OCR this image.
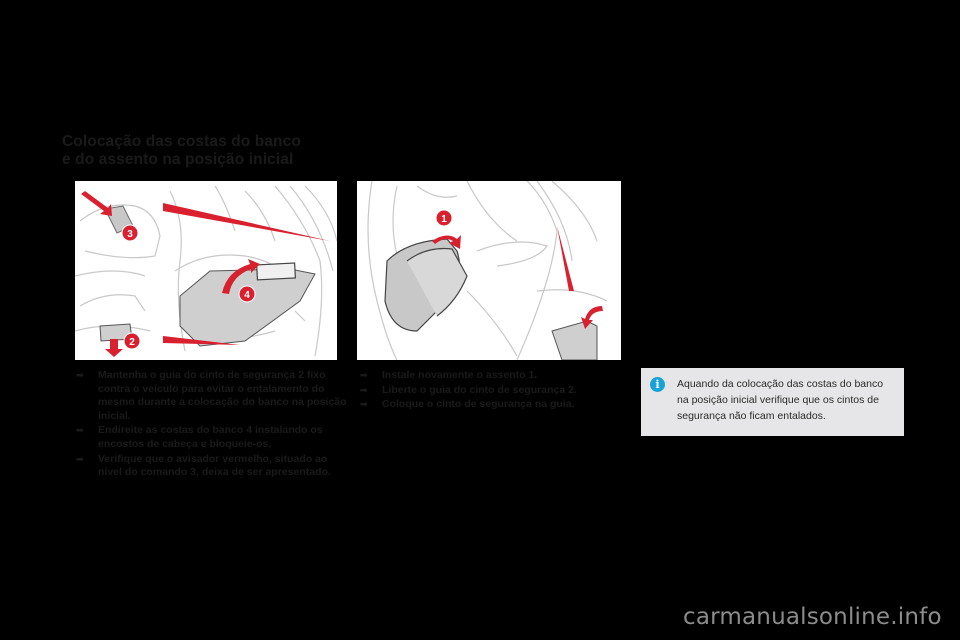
Colocação das costas do banco
e do assento na posição inicial
3
4
2
1
➡ Mantenha o guia do cinto de segurança 2 fixo contra o veículo para evitar o entalamento do mesmo durante a colocação do banco na posição inicial.
➡ Endireite as costas do banco 4 instalando os encostos de cabeça e bloqueie-os,
➡ Verifique que o avisador vermelho, situado ao nível do comando 3, deixa de ser apresentado.
➡ Instale novamente o assento 1.
➡ Liberte o guia do cinto de segurança 2.
➡ Coloque o cinto de segurança na guia.
i	Aquando da colocação das costas do banco na posição inicial verifique que os cintos de segurança não ficam entalados.
carmanualsonline.info
